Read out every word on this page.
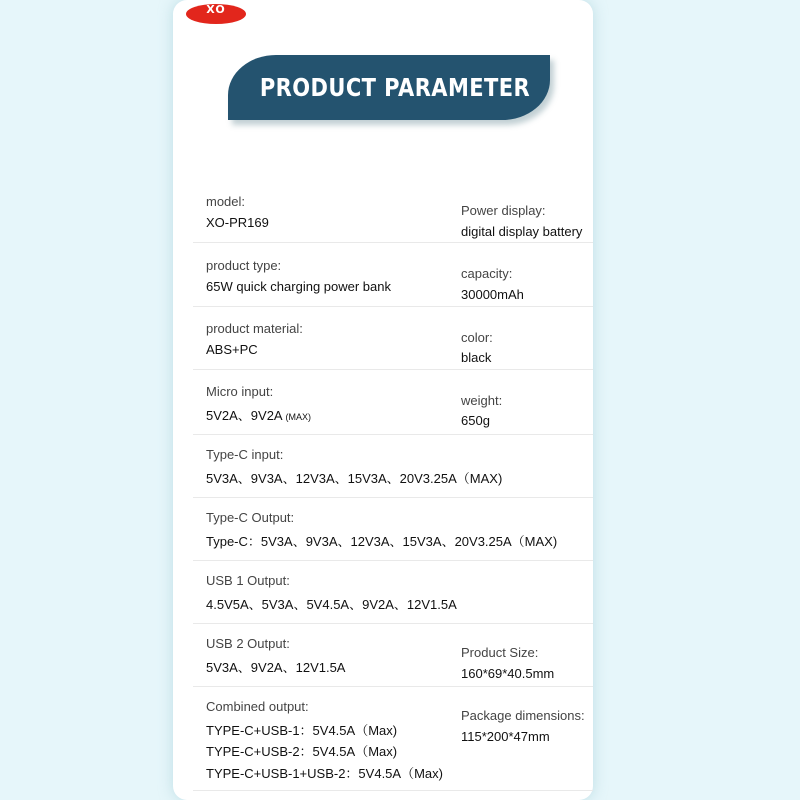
XO
PRODUCT PARAMETER
model:
XO-PR169
Power display:
digital display battery
product type:
65W quick charging power bank
capacity:
30000mAh
product material:
ABS+PC
color:
black
Micro input:
5V2A、9V2A (MAX)
weight:
650g
Type-C input:
5V3A、9V3A、12V3A、15V3A、20V3.25A（MAX)
Type-C Output:
Type-C：5V3A、9V3A、12V3A、15V3A、20V3.25A（MAX)
USB 1 Output:
4.5V5A、5V3A、5V4.5A、9V2A、12V1.5A
USB 2 Output:
5V3A、9V2A、12V1.5A
Product Size:
160*69*40.5mm
Combined output:
TYPE-C+USB-1：5V4.5A（Max)
TYPE-C+USB-2：5V4.5A（Max)
TYPE-C+USB-1+USB-2：5V4.5A（Max)
Package dimensions:
115*200*47mm
